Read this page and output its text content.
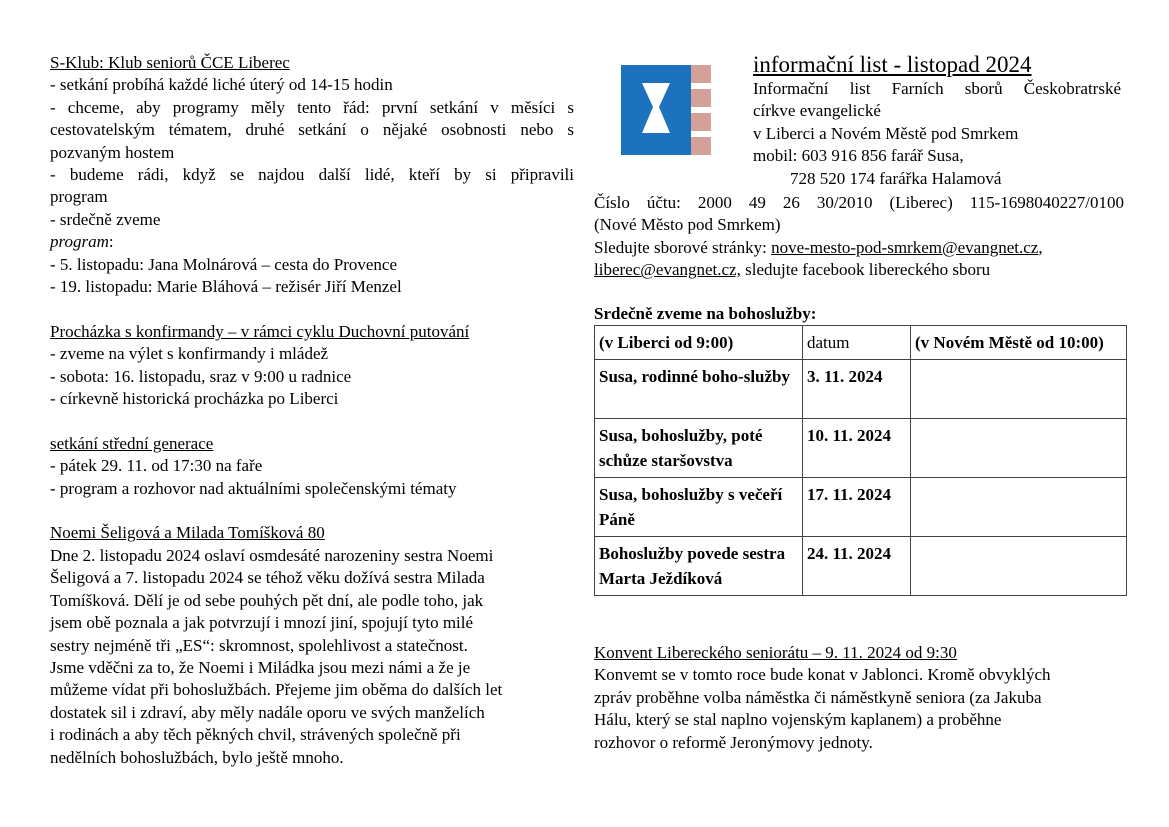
S-Klub: Klub seniorů ČCE Liberec
- setkání probíhá každé liché úterý od 14-15 hodin
- chceme, aby programy měly tento řád: první setkání v měsíci s
cestovatelským tématem, druhé setkání o nějaké osobnosti nebo s
pozvaným hostem
- budeme rádi, když se najdou další lidé, kteří by si připravili
program
- srdečně zveme
program:
- 5. listopadu: Jana Molnárová – cesta do Provence
- 19. listopadu: Marie Bláhová – režisér Jiří Menzel
Procházka s konfirmandy – v rámci cyklu Duchovní putování
- zveme na výlet s konfirmandy i mládež
- sobota: 16. listopadu, sraz v 9:00 u radnice
- církevně historická procházka po Liberci
setkání střední generace
- pátek 29. 11. od 17:30 na faře
- program a rozhovor nad aktuálními společenskými tématy
Noemi Šeligová a Milada Tomíšková 80
Dne 2. listopadu 2024 oslaví osmdesáté narozeniny sestra Noemi
Šeligová a 7. listopadu 2024 se téhož věku dožívá sestra Milada
Tomíšková. Dělí je od sebe pouhých pět dní, ale podle toho, jak
jsem obě poznala a jak potvrzují i mnozí jiní, spojují tyto milé
sestry nejméně tři „ES“: skromnost, spolehlivost a statečnost.
Jsme vděčni za to, že Noemi i Miládka jsou mezi námi a že je
můžeme vídat při bohoslužbách. Přejeme jim oběma do dalších let
dostatek sil i zdraví, aby měly nadále oporu ve svých manželích
i rodinách a aby těch pěkných chvil, strávených společně při
nedělních bohoslužbách, bylo ještě mnoho.
informační list - listopad 2024
Informační list Farních sborů Českobratrské
církve evangelické
v Liberci a Novém Městě pod Smrkem
mobil: 603 916 856 farář Susa,
728 520 174 farářka Halamová
Číslo účtu: 2000 49 26 30/2010 (Liberec) 115-1698040227/0100
(Nové Město pod Smrkem)
Sledujte sborové stránky: nove-mesto-pod-smrkem@evangnet.cz,
liberec@evangnet.cz, sledujte facebook libereckého sboru
Srdečně zveme na bohoslužby:
(v Liberci od 9:00)	datum	(v Novém Městě od 10:00)
Susa, rodinné boho-služby	3. 11. 2024	
Susa, bohoslužby, poté schůze staršovstva	10. 11. 2024	
Susa, bohoslužby s večeří Páně	17. 11. 2024	
Bohoslužby povede sestra Marta Ježdíková	24. 11. 2024	
Konvent Libereckého seniorátu – 9. 11. 2024 od 9:30
Konvemt se v tomto roce bude konat v Jablonci. Kromě obvyklých
zpráv proběhne volba náměstka či náměstkyně seniora (za Jakuba
Hálu, který se stal naplno vojenským kaplanem) a proběhne
rozhovor o reformě Jeronýmovy jednoty.
